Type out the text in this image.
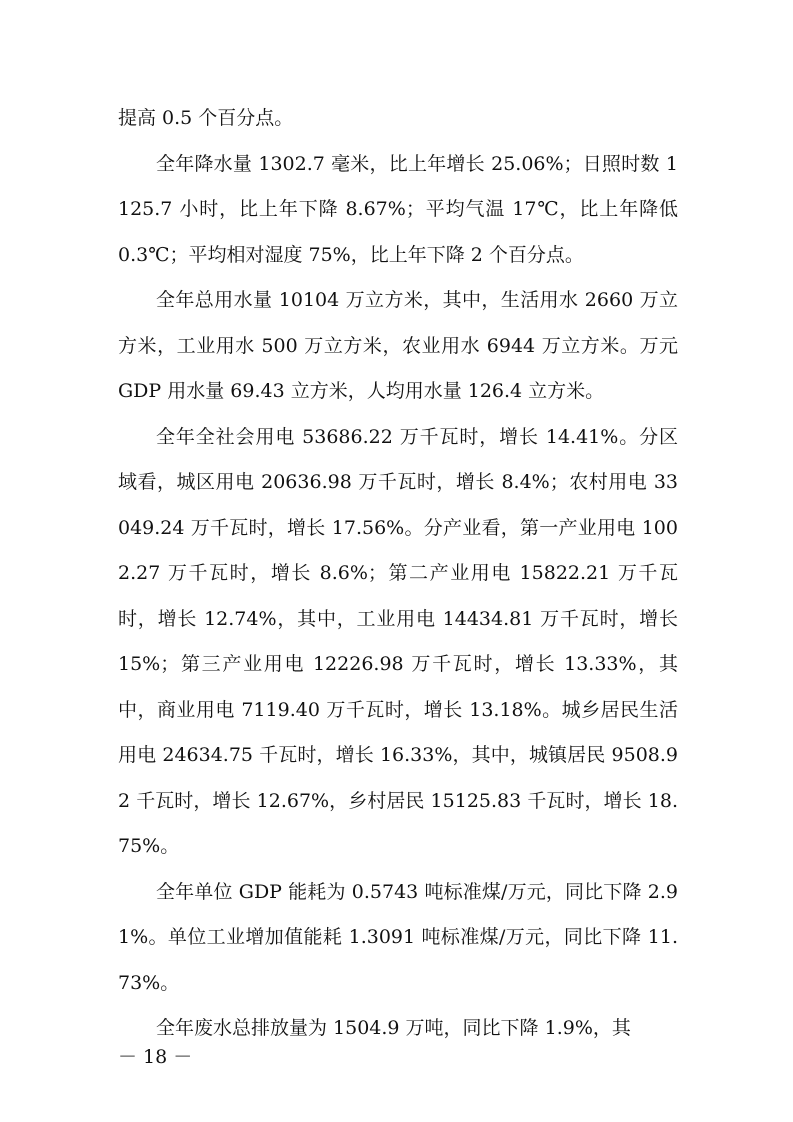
提高 0.5 个百分点。

全年降水量 1302.7 毫米，比上年增长 25.06%；日照时数 1125.7 小时，比上年下降 8.67%；平均气温 17℃，比上年降低 0.3℃；平均相对湿度 75%，比上年下降 2 个百分点。

全年总用水量 10104 万立方米，其中，生活用水 2660 万立方米，工业用水 500 万立方米，农业用水 6944 万立方米。万元 GDP 用水量 69.43 立方米，人均用水量 126.4 立方米。

全年全社会用电 53686.22 万千瓦时，增长 14.41%。分区域看，城区用电 20636.98 万千瓦时，增长 8.4%；农村用电 33049.24 万千瓦时，增长 17.56%。分产业看，第一产业用电 1002.27 万千瓦时，增长 8.6%；第二产业用电 15822.21 万千瓦时，增长 12.74%，其中，工业用电 14434.81 万千瓦时，增长 15%；第三产业用电 12226.98 万千瓦时，增长 13.33%，其中，商业用电 7119.40 万千瓦时，增长 13.18%。城乡居民生活用电 24634.75 千瓦时，增长 16.33%，其中，城镇居民 9508.92 千瓦时，增长 12.67%，乡村居民 15125.83 千瓦时，增长 18.75%。

全年单位 GDP 能耗为 0.5743 吨标准煤/万元，同比下降 2.91%。单位工业增加值能耗 1.3091 吨标准煤/万元，同比下降 11.73%。

全年废水总排放量为 1504.9 万吨，同比下降 1.9%，其

－ 18 －
